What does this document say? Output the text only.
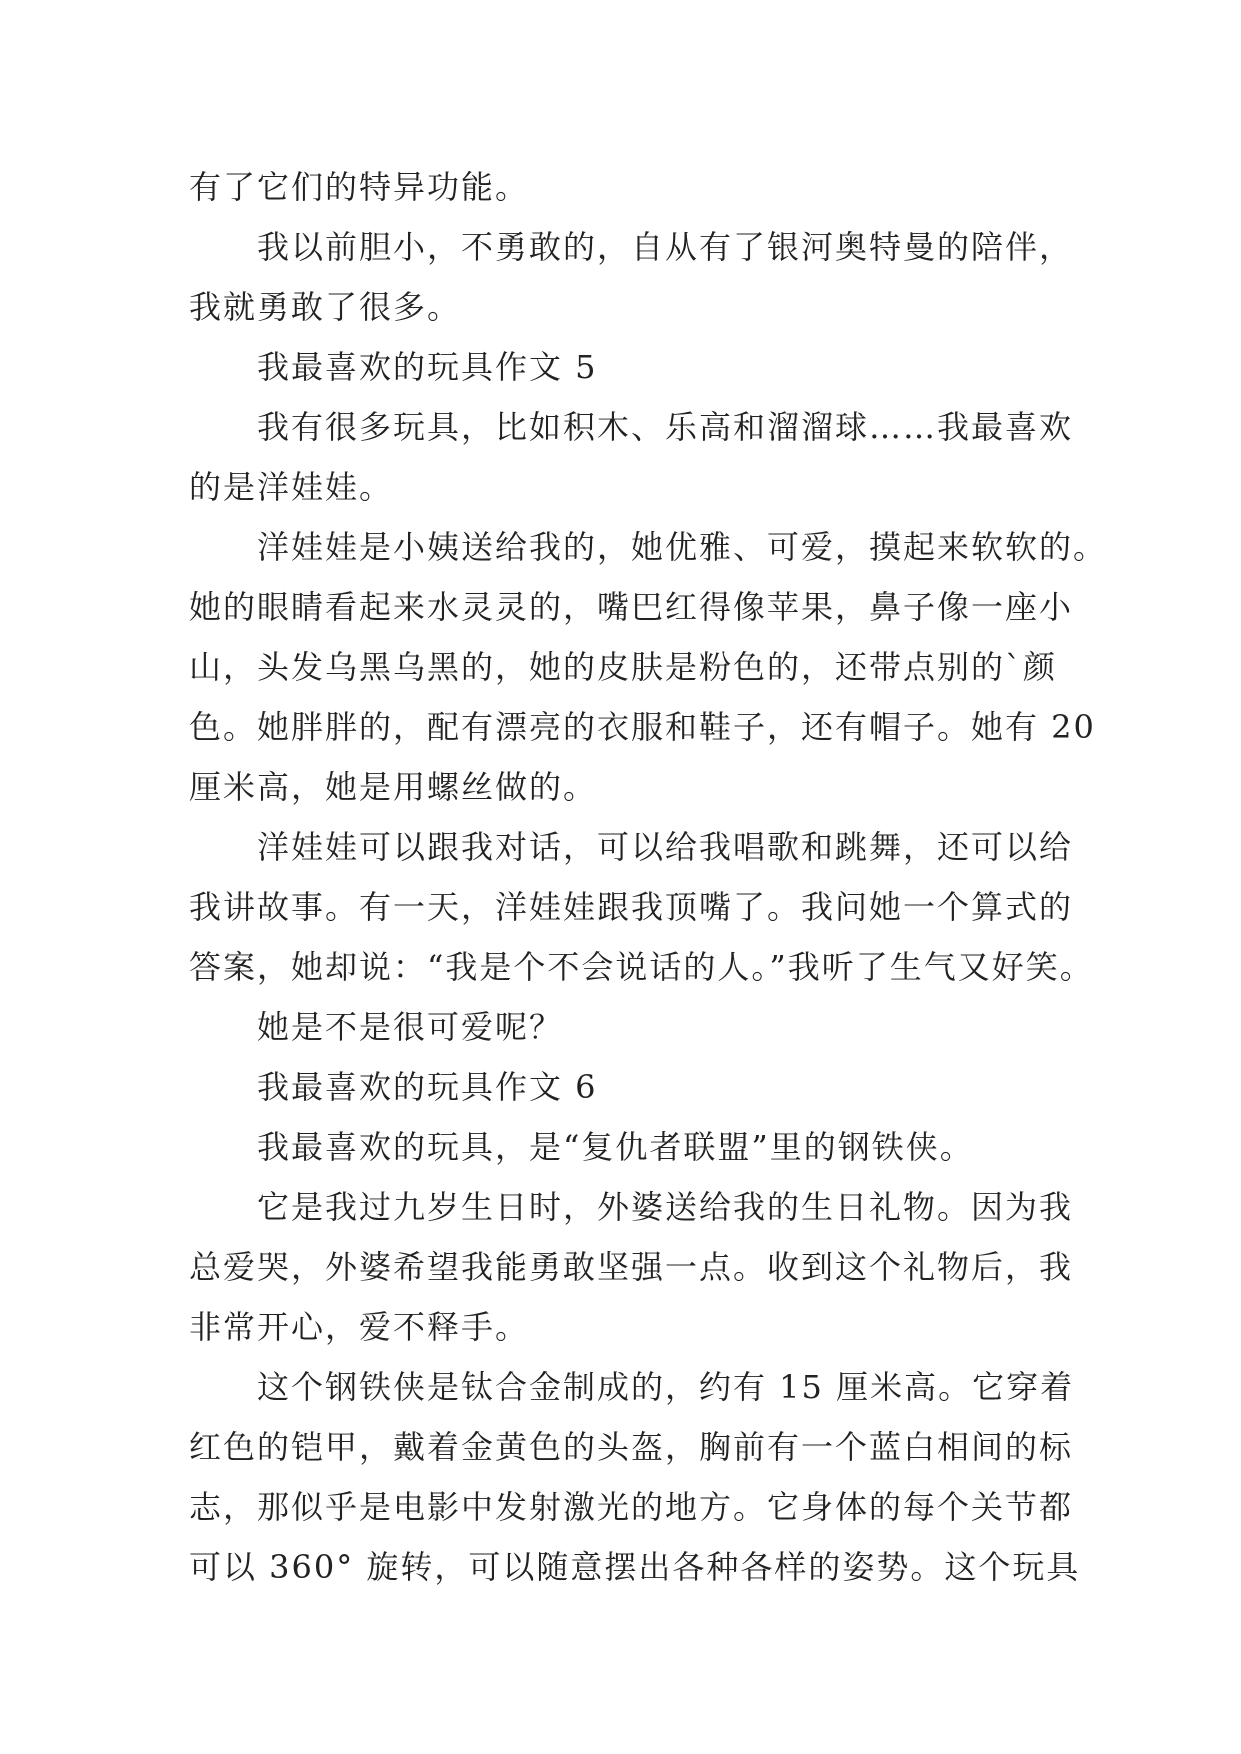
有了它们的特异功能。
我以前胆小，不勇敢的，自从有了银河奥特曼的陪伴，
我就勇敢了很多。
我最喜欢的玩具作文 5
我有很多玩具，比如积木、乐高和溜溜球……我最喜欢
的是洋娃娃。
洋娃娃是小姨送给我的，她优雅、可爱，摸起来软软的。
她的眼睛看起来水灵灵的，嘴巴红得像苹果，鼻子像一座小
山，头发乌黑乌黑的，她的皮肤是粉色的，还带点别的`颜
色。她胖胖的，配有漂亮的衣服和鞋子，还有帽子。她有 20
厘米高，她是用螺丝做的。
洋娃娃可以跟我对话，可以给我唱歌和跳舞，还可以给
我讲故事。有一天，洋娃娃跟我顶嘴了。我问她一个算式的
答案，她却说：“我是个不会说话的人。”我听了生气又好笑。
她是不是很可爱呢？
我最喜欢的玩具作文 6
我最喜欢的玩具，是“复仇者联盟”里的钢铁侠。
它是我过九岁生日时，外婆送给我的生日礼物。因为我
总爱哭，外婆希望我能勇敢坚强一点。收到这个礼物后，我
非常开心，爱不释手。
这个钢铁侠是钛合金制成的，约有 15 厘米高。它穿着
红色的铠甲，戴着金黄色的头盔，胸前有一个蓝白相间的标
志，那似乎是电影中发射激光的地方。它身体的每个关节都
可以 360° 旋转，可以随意摆出各种各样的姿势。这个玩具
